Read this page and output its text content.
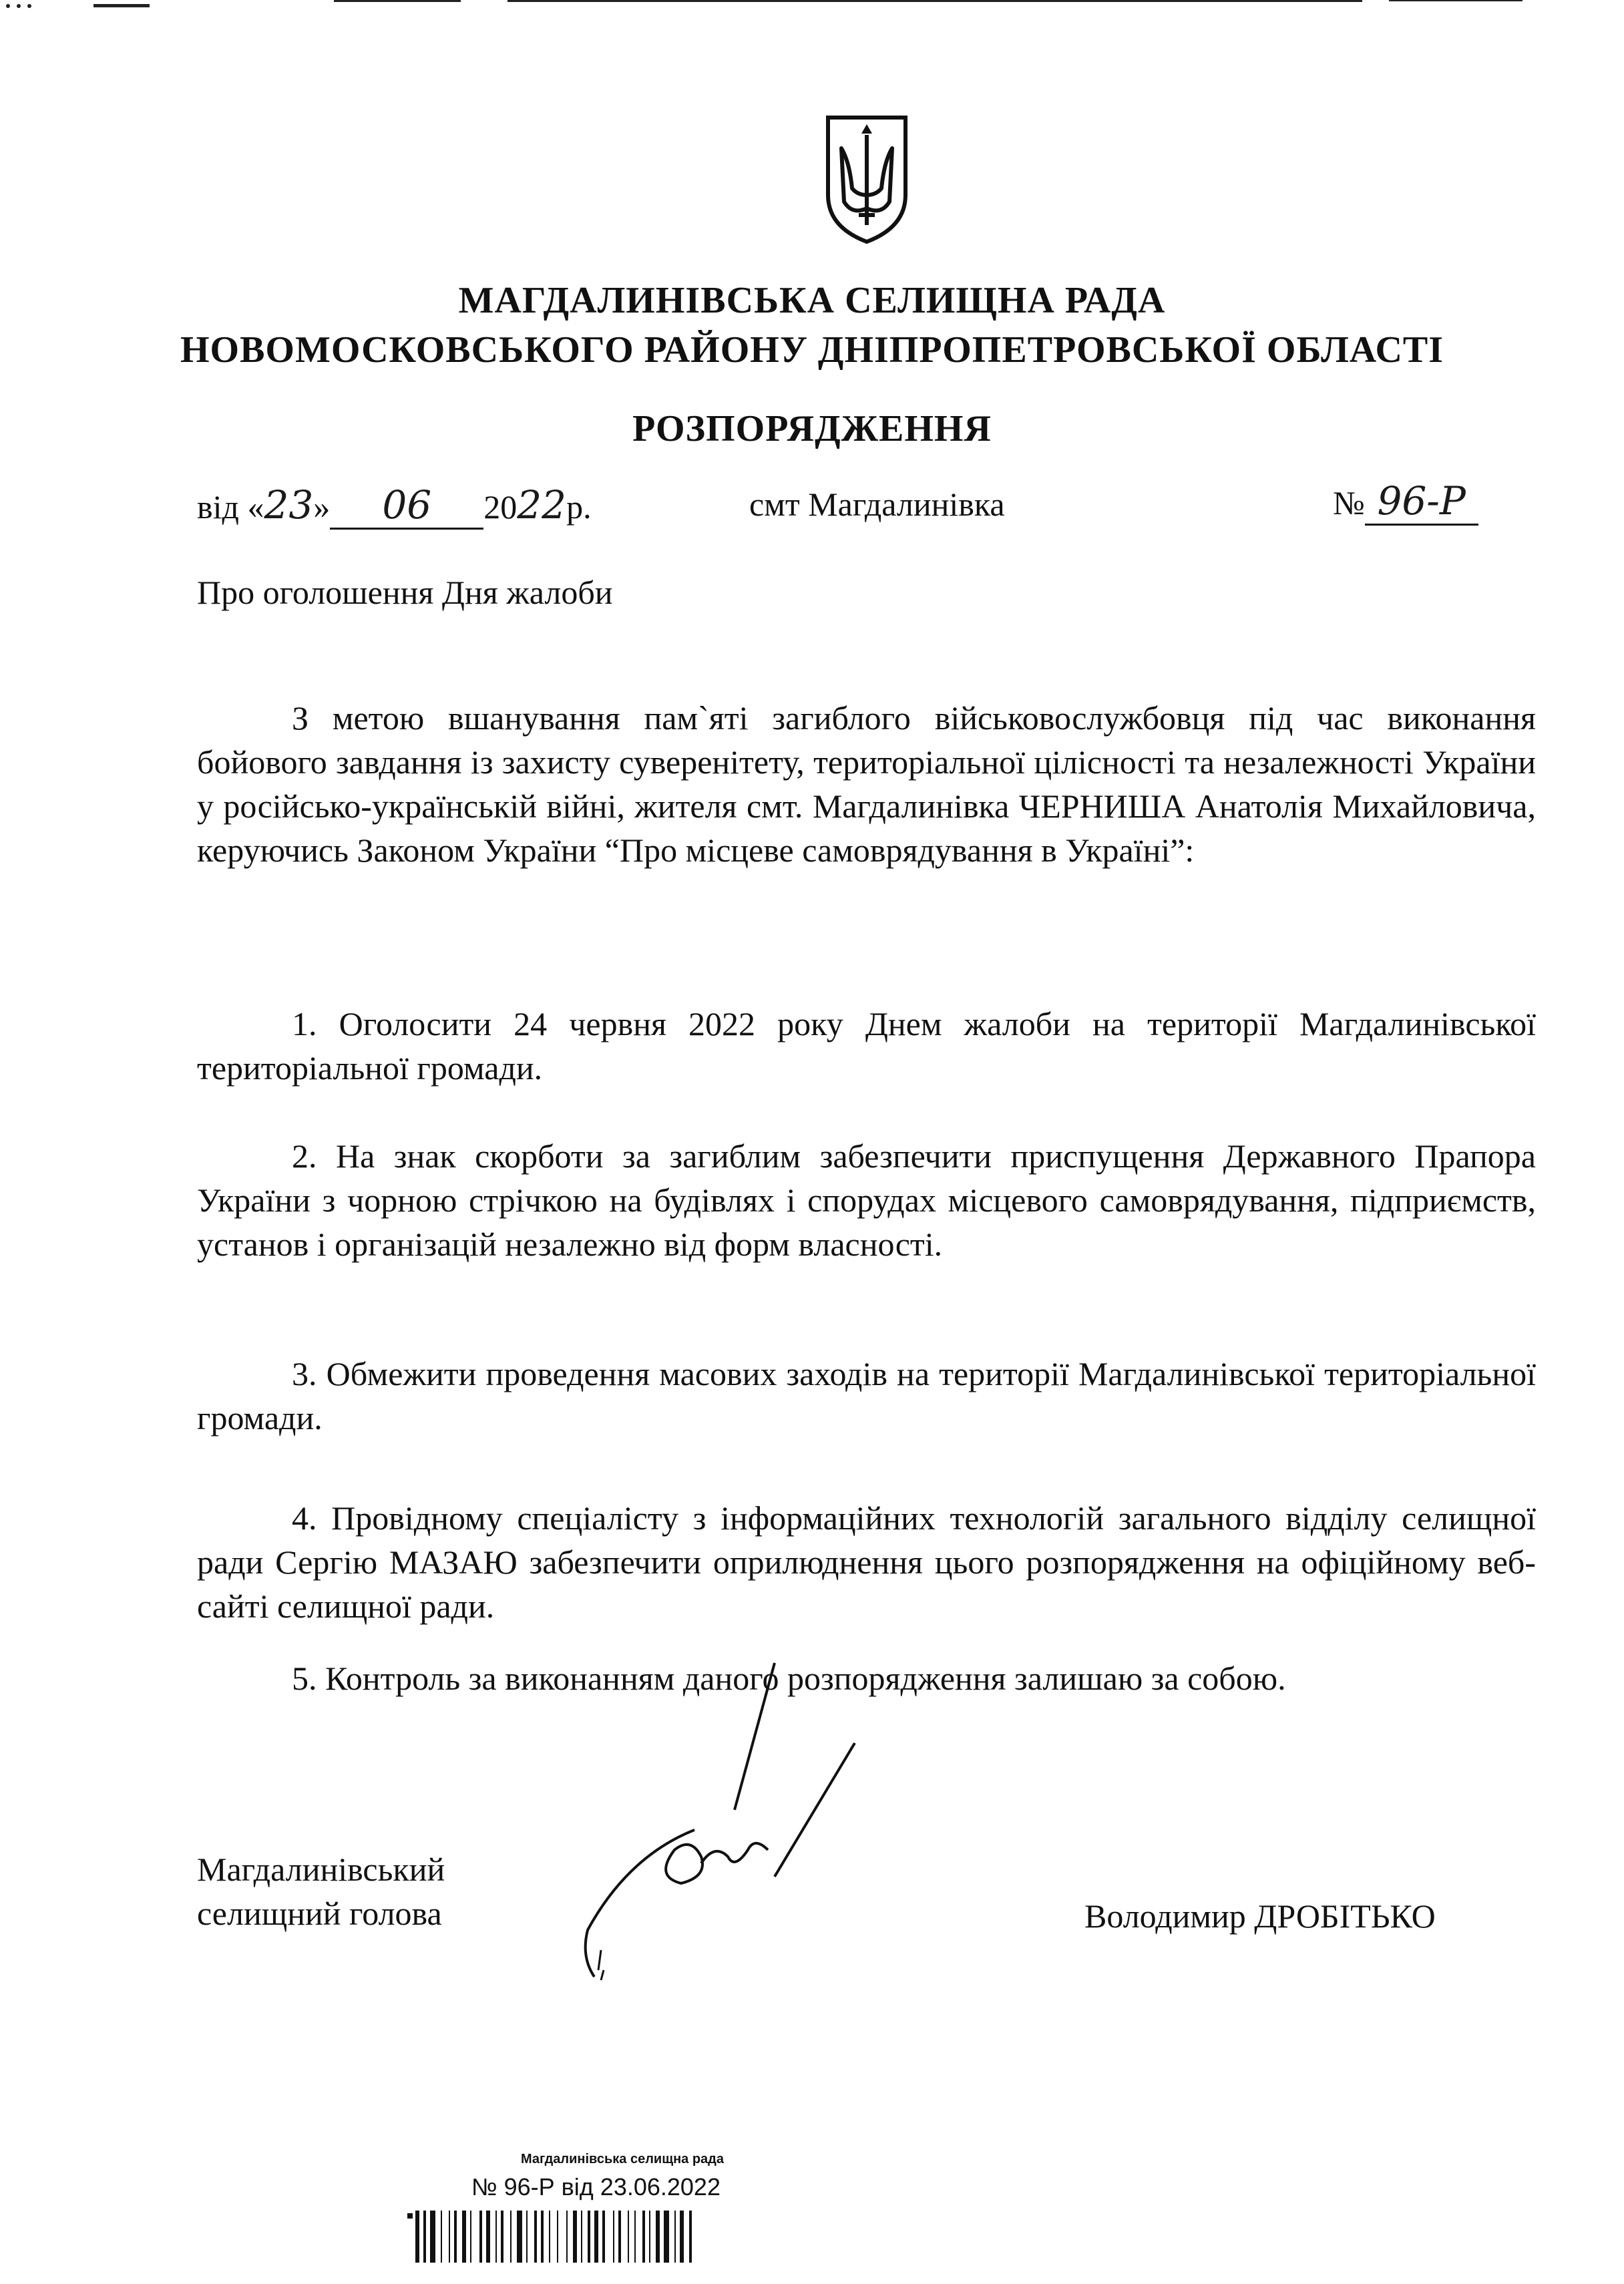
МАГДАЛИНІВСЬКА СЕЛИЩНА РАДА
НОВОМОСКОВСЬКОГО РАЙОНУ ДНІПРОПЕТРОВСЬКОЇ ОБЛАСТІ
РОЗПОРЯДЖЕННЯ
від «23» 06 2022р.	смт Магдалинівка	№ 96-Р
Про оголошення Дня жалоби
З метою вшанування пам`яті загиблого військовослужбовця під час виконання бойового завдання із захисту суверенітету, територіальної цілісності та незалежності України у російсько-українській війні, жителя смт. Магдалинівка ЧЕРНИША Анатолія Михайловича, керуючись Законом України “Про місцеве самоврядування в Україні”:
1. Оголосити 24 червня 2022 року Днем жалоби на території Магдалинівської територіальної громади.
2. На знак скорботи за загиблим забезпечити приспущення Державного Прапора України з чорною стрічкою на будівлях і спорудах місцевого самоврядування, підприємств, установ і організацій незалежно від форм власності.
3. Обмежити проведення масових заходів на території Магдалинівської територіальної громади.
4. Провідному спеціалісту з інформаційних технологій загального відділу селищної ради Сергію МАЗАЮ забезпечити оприлюднення цього розпорядження на офіційному веб-сайті селищної ради.
5. Контроль за виконанням даного розпорядження залишаю за собою.
Магдалинівський
селищний голова	Володимир ДРОБІТЬКО
Магдалинівська селищна рада
№ 96-Р від 23.06.2022
